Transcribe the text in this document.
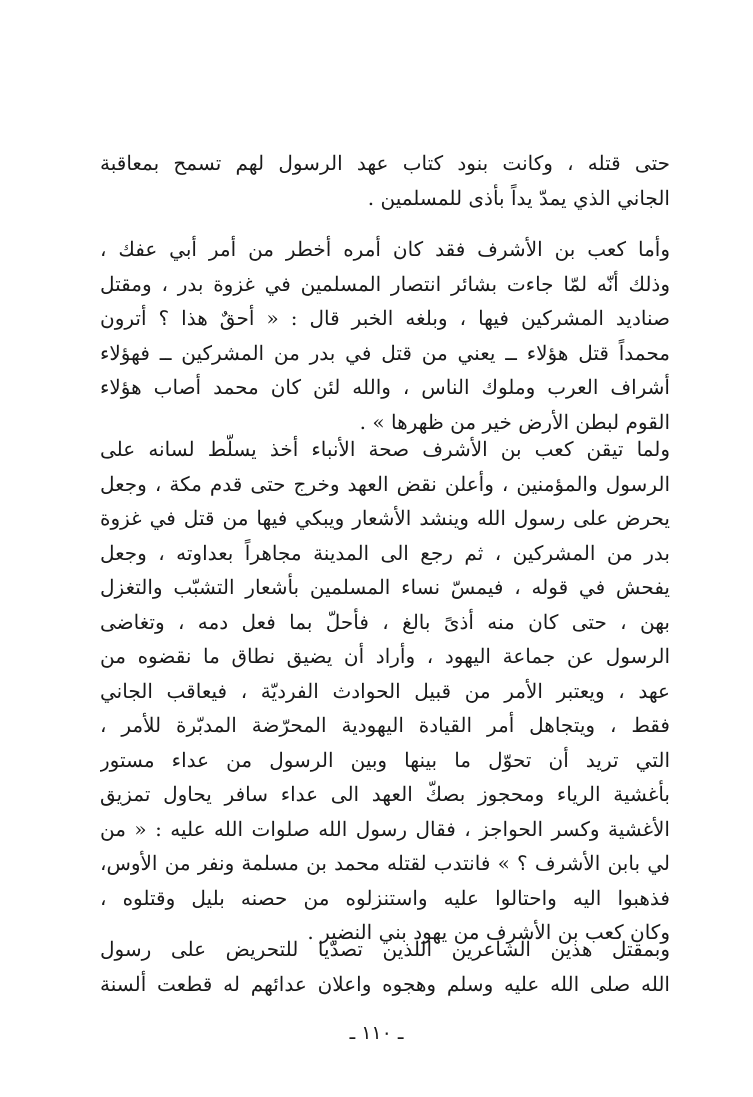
حتى قتله ، وكانت بنود كتاب عهد الرسول لهم تسمح بمعاقبة
الجاني الذي يمدّ يداً بأذى للمسلمين .
وأما كعب بن الأشرف فقد كان أمره أخطر من أمر أبي عفك ،
وذلك أنّه لمّا جاءت بشائر انتصار المسلمين في غزوة بدر ، ومقتل
صناديد المشركين فيها ، وبلغه الخبر قال : « أحقٌ هذا ؟ أترون
محمداً قتل هؤلاء ــ يعني من قتل في بدر من المشركين ــ فهؤلاء
أشراف العرب وملوك الناس ، والله لئن كان محمد أصاب هؤلاء
القوم لبطن الأرض خير من ظهرها » .
ولما تيقن كعب بن الأشرف صحة الأنباء أخذ يسلّط لسانه على
الرسول والمؤمنين ، وأعلن نقض العهد وخرج حتى قدم مكة ، وجعل
يحرض على رسول الله وينشد الأشعار ويبكي فيها من قتل في غزوة
بدر من المشركين ، ثم رجع الى المدينة مجاهراً بعداوته ، وجعل
يفحش في قوله ، فيمسّ نساء المسلمين بأشعار التشبّب والتغزل
بهن ، حتى كان منه أذىً بالغ ، فأحلّ بما فعل دمه ، وتغاضى
الرسول عن جماعة اليهود ، وأراد أن يضيق نطاق ما نقضوه من
عهد ، ويعتبر الأمر من قبيل الحوادث الفرديّة ، فيعاقب الجاني
فقط ، ويتجاهل أمر القيادة اليهودية المحرّضة المدبّرة للأمر ،
التي تريد أن تحوّل ما بينها وبين الرسول من عداء مستور
بأغشية الرياء ومحجوز بصكّ العهد الى عداء سافر يحاول تمزيق
الأغشية وكسر الحواجز ، فقال رسول الله صلوات الله عليه : « من
لي بابن الأشرف ؟ » فانتدب لقتله محمد بن مسلمة ونفر من الأوس،
فذهبوا اليه واحتالوا عليه واستنزلوه من حصنه بليل وقتلوه ،
وكان كعب بن الأشرف من يهود بني النضير .
وبمقتل هذين الشاعرين اللذين تصدّيا للتحريض على رسول
الله صلى الله عليه وسلم وهجوه واعلان عدائهم له قطعت ألسنة
ـ ١١٠ ـ
